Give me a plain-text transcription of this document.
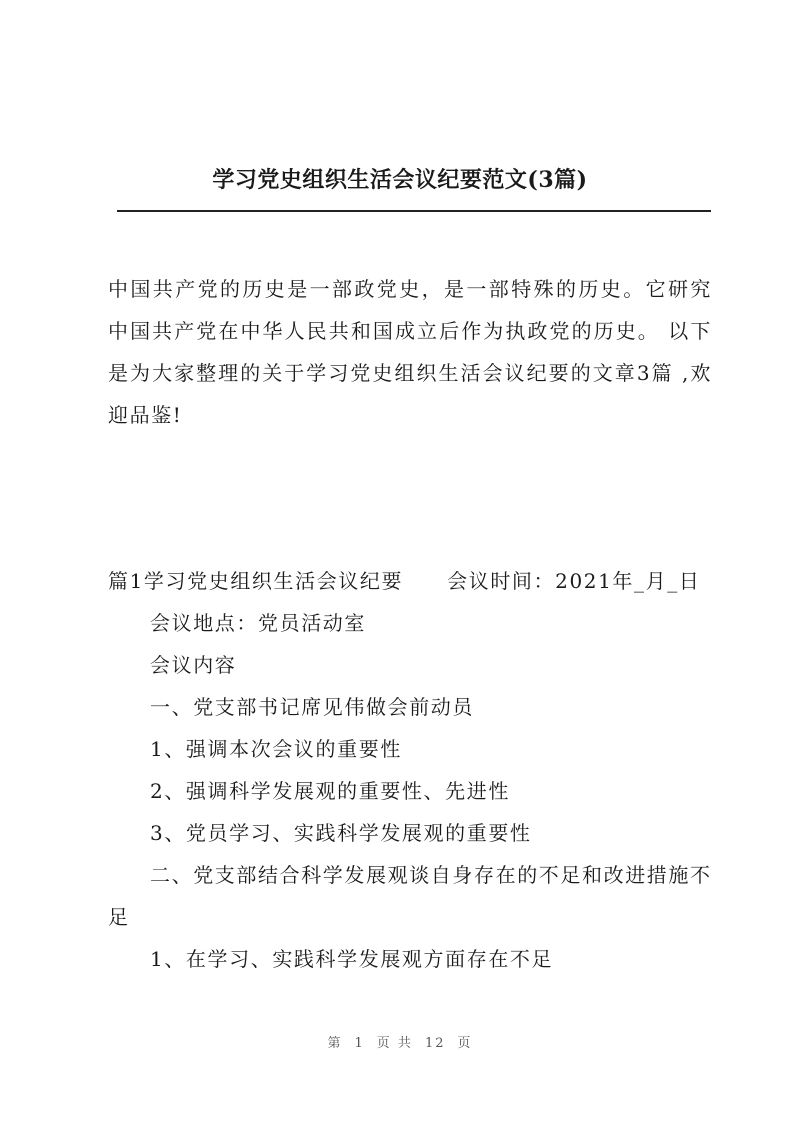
学习党史组织生活会议纪要范文(3篇)

中国共产党的历史是一部政党史，是一部特殊的历史。它研究中国共产党在中华人民共和国成立后作为执政党的历史。 以下是为大家整理的关于学习党史组织生活会议纪要的文章3篇 ,欢迎品鉴!

篇1学习党史组织生活会议纪要 会议时间：2021年_月_日

会议地点：党员活动室

会议内容

一、党支部书记席见伟做会前动员

1、强调本次会议的重要性

2、强调科学发展观的重要性、先进性

3、党员学习、实践科学发展观的重要性

二、党支部结合科学发展观谈自身存在的不足和改进措施不足

1、在学习、实践科学发展观方面存在不足

第 1 页 共 12 页
